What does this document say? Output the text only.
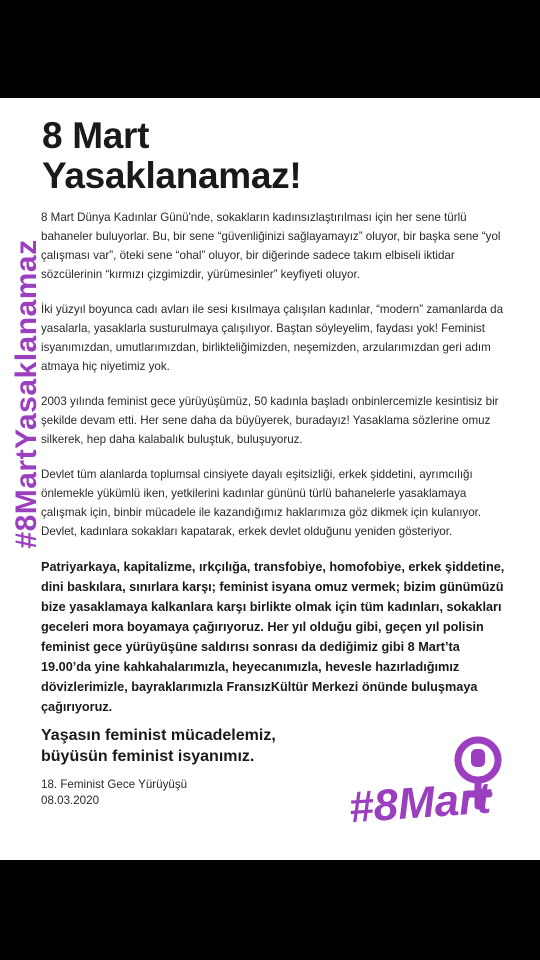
#8MartYasaklanamaz
8 Mart
Yasaklanamaz!

8 Mart Dünya Kadınlar Günü'nde, sokakların kadınsızlaştırılması için her sene türlü bahaneler buluyorlar. Bu, bir sene “güvenliğinizi sağlayamayız” oluyor, bir başka sene “yol çalışması var”, öteki sene “ohal” oluyor, bir diğerinde sadece takım elbiseli iktidar sözcülerinin “kırmızı çizgimizdir, yürümesinler” keyfiyeti oluyor.

İki yüzyıl boyunca cadı avları ile sesi kısılmaya çalışılan kadınlar, “modern” zamanlarda da yasalarla, yasaklarla susturulmaya çalışılıyor. Baştan söyleyelim, faydası yok! Feminist isyanımızdan, umutlarımızdan, birlikteliğimizden, neşemizden, arzularımızdan geri adım atmaya hiç niyetimiz yok.

2003 yılında feminist gece yürüyüşümüz, 50 kadınla başladı onbinlercemizle kesintisiz bir şekilde devam etti. Her sene daha da büyüyerek, buradayız! Yasaklama sözlerine omuz silkerek, hep daha kalabalık buluştuk, buluşuyoruz.

Devlet tüm alanlarda toplumsal cinsiyete dayalı eşitsizliği, erkek şiddetini, ayrımcılığı önlemekle yükümlü iken, yetkilerini kadınlar gününü türlü bahanelerle yasaklamaya çalışmak için, binbir mücadele ile kazandığımız haklarımıza göz dikmek için kulanıyor. Devlet, kadınlara sokakları kapatarak, erkek devlet olduğunu yeniden gösteriyor.

Patriyarkaya, kapitalizme, ırkçılığa, transfobiye, homofobiye, erkek şiddetine, dini baskılara, sınırlara karşı; feminist isyana omuz vermek; bizim günümüzü bize yasaklamaya kalkanlara karşı birlikte olmak için tüm kadınları, sokakları geceleri mora boyamaya çağırıyoruz. Her yıl olduğu gibi, geçen yıl polisin feminist gece yürüyüşüne saldırısı sonrası da dediğimiz gibi 8 Mart’ta 19.00’da yine kahkahalarımızla, heyecanımızla, hevesle hazırladığımız dövizlerimizle, bayraklarımızla FransızKültür Merkezi önünde buluşmaya çağırıyoruz.

Yaşasın feminist mücadelemiz,
büyüsün feminist isyanımız.

18. Feminist Gece Yürüyüşü
08.03.2020	#8Mart
